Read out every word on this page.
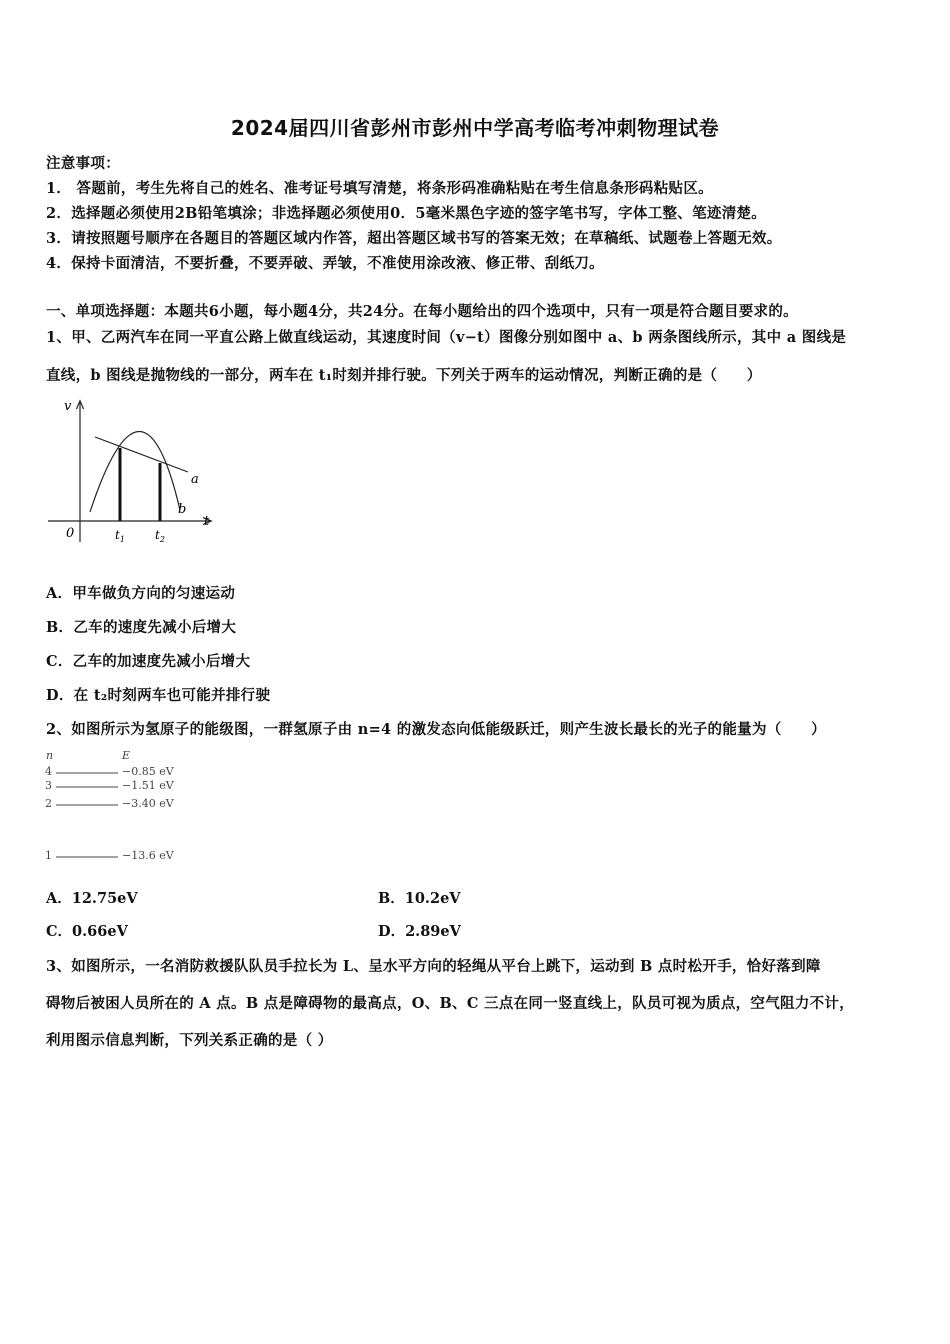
2024届四川省彭州市彭州中学高考临考冲刺物理试卷
注意事项：
1． 答题前，考生先将自己的姓名、准考证号填写清楚，将条形码准确粘贴在考生信息条形码粘贴区。
2．选择题必须使用2B铅笔填涂；非选择题必须使用0．5毫米黑色字迹的签字笔书写，字体工整、笔迹清楚。
3．请按照题号顺序在各题目的答题区域内作答，超出答题区域书写的答案无效；在草稿纸、试题卷上答题无效。
4．保持卡面清洁，不要折叠，不要弄破、弄皱，不准使用涂改液、修正带、刮纸刀。
一、单项选择题：本题共6小题，每小题4分，共24分。在每小题给出的四个选项中，只有一项是符合题目要求的。
1、甲、乙两汽车在同一平直公路上做直线运动，其速度时间（v−t）图像分别如图中 a、b 两条图线所示，其中 a 图线是
直线，b 图线是抛物线的一部分，两车在 t₁时刻并排行驶。下列关于两车的运动情况，判断正确的是（　　）
v
t
0
a
b
$t_1$	$t_2$
A．甲车做负方向的匀速运动
B．乙车的速度先减小后增大
C．乙车的加速度先减小后增大
D．在 t₂时刻两车也可能并排行驶
2、如图所示为氢原子的能级图，一群氢原子由 n=4 的激发态向低能级跃迁，则产生波长最长的光子的能量为（　　）
n	E
4	−0.85 eV
3	−1.51 eV
2	−3.40 eV
1	−13.6 eV
A．12.75eV	B．10.2eV
C．0.66eV	D．2.89eV
3、如图所示，一名消防救援队队员手拉长为 L、呈水平方向的轻绳从平台上跳下，运动到 B 点时松开手，恰好落到障
碍物后被困人员所在的 A 点。B 点是障碍物的最高点，O、B、C 三点在同一竖直线上，队员可视为质点，空气阻力不计，
利用图示信息判断，下列关系正确的是（ ）
